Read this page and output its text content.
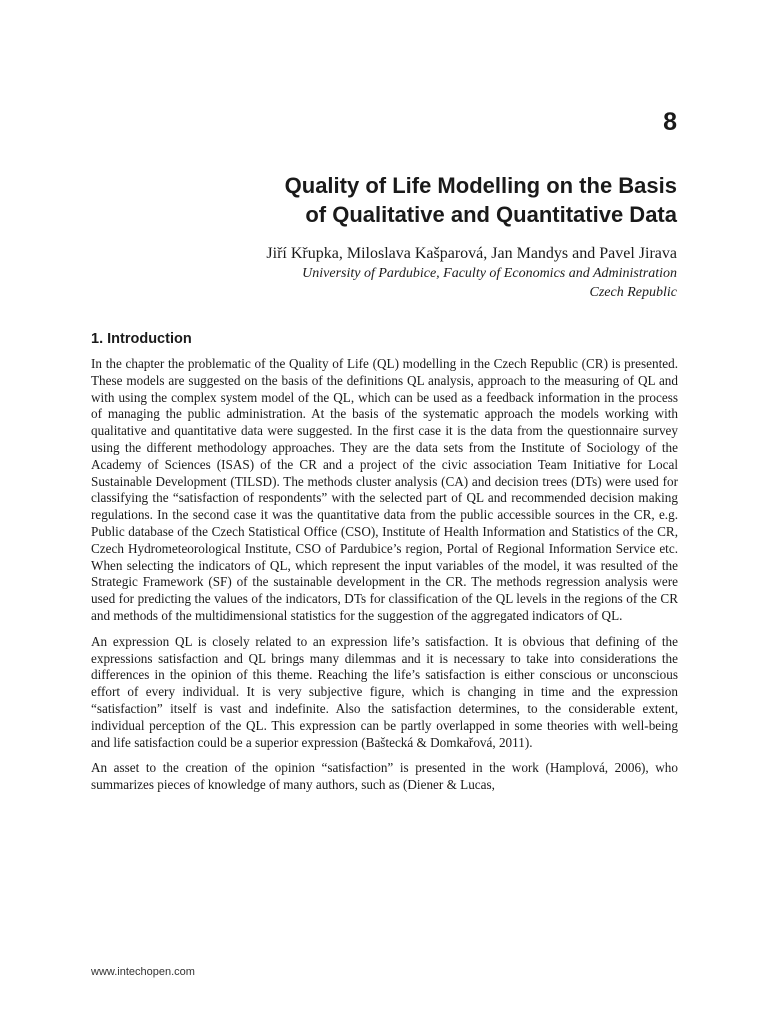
8
Quality of Life Modelling on the Basis
of Qualitative and Quantitative Data
Jiří Křupka, Miloslava Kašparová, Jan Mandys and Pavel Jirava
University of Pardubice, Faculty of Economics and Administration
Czech Republic
1. Introduction

In the chapter the problematic of the Quality of Life (QL) modelling in the Czech Republic (CR) is presented. These models are suggested on the basis of the definitions QL analysis, approach to the measuring of QL and with using the complex system model of the QL, which can be used as a feedback information in the process of managing the public administration. At the basis of the systematic approach the models working with qualitative and quantitative data were suggested. In the first case it is the data from the questionnaire survey using the different methodology approaches. They are the data sets from the Institute of Sociology of the Academy of Sciences (ISAS) of the CR and a project of the civic association Team Initiative for Local Sustainable Development (TILSD). The methods cluster analysis (CA) and decision trees (DTs) were used for classifying the “satisfaction of respondents” with the selected part of QL and recommended decision making regulations. In the second case it was the quantitative data from the public accessible sources in the CR, e.g. Public database of the Czech Statistical Office (CSO), Institute of Health Information and Statistics of the CR, Czech Hydrometeorological Institute, CSO of Pardubice’s region, Portal of Regional Information Service etc. When selecting the indicators of QL, which represent the input variables of the model, it was resulted of the Strategic Framework (SF) of the sustainable development in the CR. The methods regression analysis were used for predicting the values of the indicators, DTs for classification of the QL levels in the regions of the CR and methods of the multidimensional statistics for the suggestion of the aggregated indicators of QL.

An expression QL is closely related to an expression life’s satisfaction. It is obvious that defining of the expressions satisfaction and QL brings many dilemmas and it is necessary to take into considerations the differences in the opinion of this theme. Reaching the life’s satisfaction is either conscious or unconscious effort of every individual. It is very subjective figure, which is changing in time and the expression “satisfaction” itself is vast and indefinite. Also the satisfaction determines, to the considerable extent, individual perception of the QL. This expression can be partly overlapped in some theories with well-being and life satisfaction could be a superior expression (Baštecká & Domkařová, 2011).

An asset to the creation of the opinion “satisfaction” is presented in the work (Hamplová, 2006), who summarizes pieces of knowledge of many authors, such as (Diener & Lucas,

www.intechopen.com
